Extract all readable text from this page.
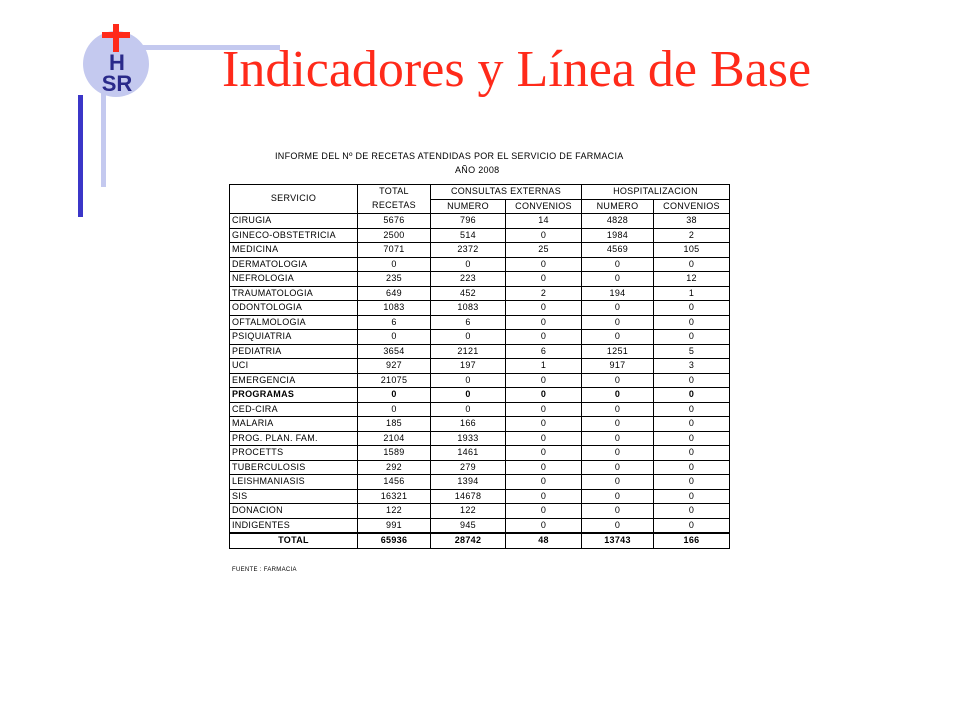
H
SR Indicadores y Línea de Base
INFORME DEL Nº DE RECETAS ATENDIDAS POR EL SERVICIO DE FARMACIA
AÑO 2008
SERVICIO	TOTAL	CONSULTAS EXTERNAS		HOSPITALIZACION	
	RECETAS	NUMERO	CONVENIOS	NUMERO	CONVENIOS
CIRUGIA	5676	796	14	4828	38
GINECO-OBSTETRICIA	2500	514	0	1984	2
MEDICINA	7071	2372	25	4569	105
DERMATOLOGIA	0	0	0	0	0
NEFROLOGIA	235	223	0	0	12
TRAUMATOLOGIA	649	452	2	194	1
ODONTOLOGIA	1083	1083	0	0	0
OFTALMOLOGIA	6	6	0	0	0
PSIQUIATRIA	0	0	0	0	0
PEDIATRIA	3654	2121	6	1251	5
UCI	927	197	1	917	3
EMERGENCIA	21075	0	0	0	0
PROGRAMAS	0	0	0	0	0
CED-CIRA	0	0	0	0	0
MALARIA	185	166	0	0	0
PROG. PLAN. FAM.	2104	1933	0	0	0
PROCETTS	1589	1461	0	0	0
TUBERCULOSIS	292	279	0	0	0
LEISHMANIASIS	1456	1394	0	0	0
SIS	16321	14678	0	0	0
DONACION	122	122	0	0	0
INDIGENTES	991	945	0	0	0
TOTAL	65936	28742	48	13743	166
FUENTE : FARMACIA
